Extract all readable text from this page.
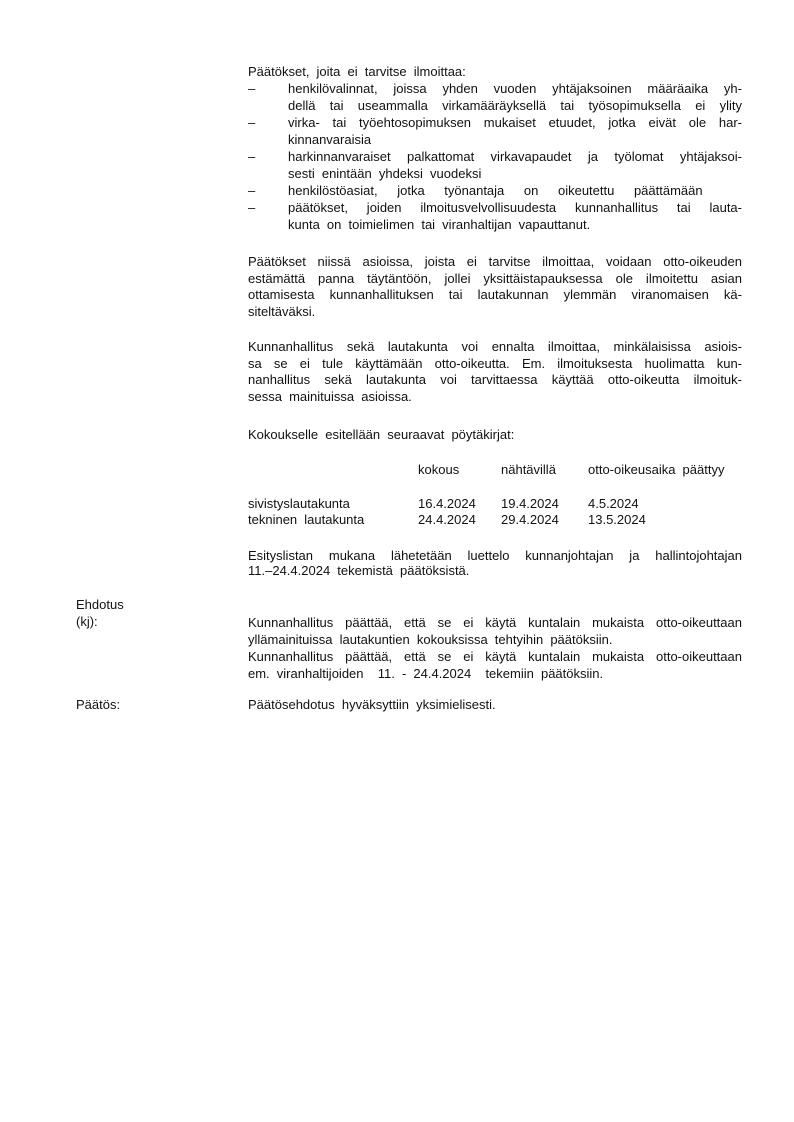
Päätökset, joita ei tarvitse ilmoittaa:
–	henkilövalinnat, joissa yhden vuoden yhtäjaksoinen määräaika yh-
dellä tai useammalla virkamääräyksellä tai työsopimuksella ei ylity
–	virka- tai työehtosopimuksen mukaiset etuudet, jotka eivät ole har-
kinnanvaraisia
–	harkinnanvaraiset palkattomat virkavapaudet ja työlomat yhtäjaksoi-
sesti enintään yhdeksi vuodeksi
–	henkilöstöasiat, jotka työnantaja on oikeutettu päättämään
–	päätökset, joiden ilmoitusvelvollisuudesta kunnanhallitus tai lauta-
kunta on toimielimen tai viranhaltijan vapauttanut.
Päätökset niissä asioissa, joista ei tarvitse ilmoittaa, voidaan otto-oikeuden
estämättä panna täytäntöön, jollei yksittäistapauksessa ole ilmoitettu asian
ottamisesta kunnanhallituksen tai lautakunnan ylemmän viranomaisen kä-
siteltäväksi.
Kunnanhallitus sekä lautakunta voi ennalta ilmoittaa, minkälaisissa asiois-
sa se ei tule käyttämään otto-oikeutta. Em. ilmoituksesta huolimatta kun-
nanhallitus sekä lautakunta voi tarvittaessa käyttää otto-oikeutta ilmoituk-
sessa mainituissa asioissa.
Kokoukselle esitellään seuraavat pöytäkirjat:
kokous	nähtävillä otto-oikeusaika päättyy
sivistyslautakunta	16.4.2024 19.4.2024 4.5.2024
tekninen lautakunta	24.4.2024 29.4.2024 13.5.2024
Esityslistan mukana lähetetään luettelo kunnanjohtajan ja hallintojohtajan
11.–24.4.2024 tekemistä päätöksistä.
Ehdotus
(kj):	Kunnanhallitus päättää, että se ei käytä kuntalain mukaista otto-oikeuttaan
yllämainituissa lautakuntien kokouksissa tehtyihin päätöksiin.
Kunnanhallitus päättää, että se ei käytä kuntalain mukaista otto-oikeuttaan
em. viranhaltijoiden  11. - 24.4.2024  tekemiin päätöksiin.
Päätös:	Päätösehdotus hyväksyttiin yksimielisesti.
